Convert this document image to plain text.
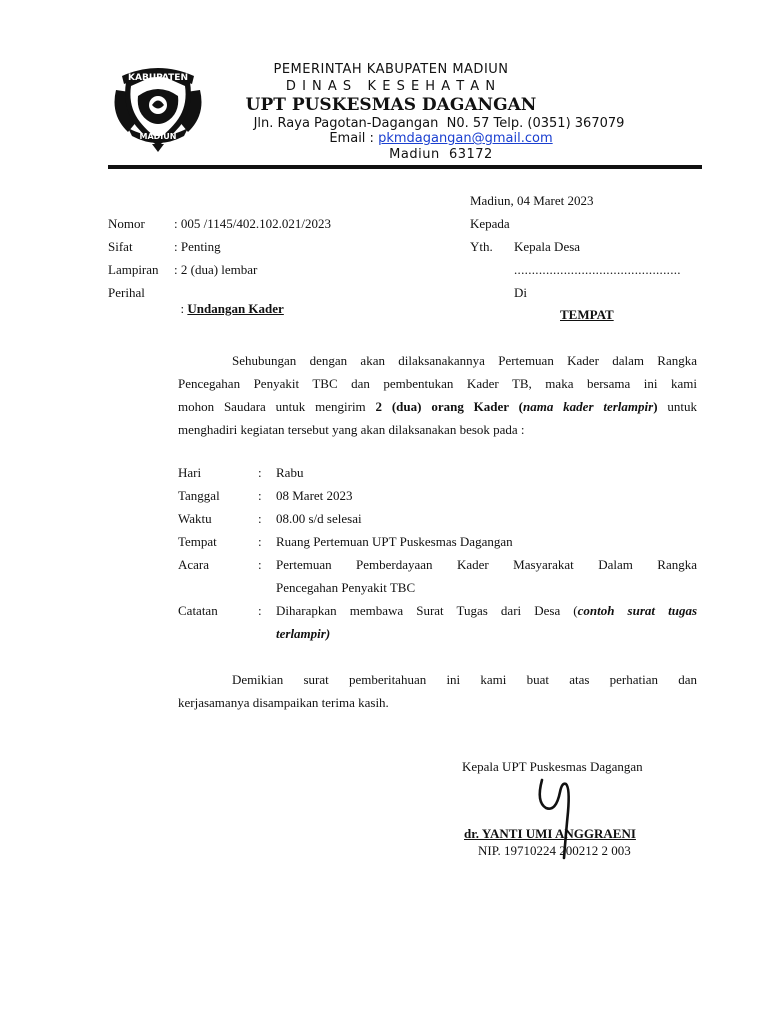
KABUPATEN
MADIUN
PEMERINTAH KABUPATEN MADIUN
D I N A S   K E S E H A T A N
UPT PUSKESMAS DAGANGAN
Jln. Raya Pagotan-Dagangan  N0. 57 Telp. (0351) 367079
Email : pkmdagangan@gmail.com
Madiun  63172
Madiun, 04 Maret 2023
Nomor : 005 /1145/402.102.021/2023
Sifat	: Penting
Lampiran : 2 (dua) lembar
Perihal

: Undangan Kader

Kepada
Yth. Kepala Desa
...............................................
Di
TEMPAT
Sehubungan dengan akan dilaksanakannya Pertemuan Kader dalam Rangka
Pencegahan Penyakit TBC dan pembentukan Kader TB, maka bersama ini kami
mohon Saudara untuk mengirim 2 (dua) orang Kader (nama kader terlampir) untuk
menghadiri kegiatan tersebut yang akan dilaksanakan besok pada :
Hari	: Rabu
Tanggal	: 08 Maret 2023
Waktu	: 08.00 s/d selesai
Tempat	: Ruang Pertemuan UPT Puskesmas Dagangan
Acara	: Pertemuan Pemberdayaan Kader Masyarakat Dalam Rangka
Pencegahan Penyakit TBC
Catatan	: Diharapkan membawa Surat Tugas dari Desa (contoh surat tugas
terlampir)
Demikian surat pemberitahuan ini kami buat atas perhatian dan
kerjasamanya disampaikan terima kasih.
Kepala UPT Puskesmas Dagangan
dr. YANTI UMI ANGGRAENI
NIP. 19710224 200212 2 003
